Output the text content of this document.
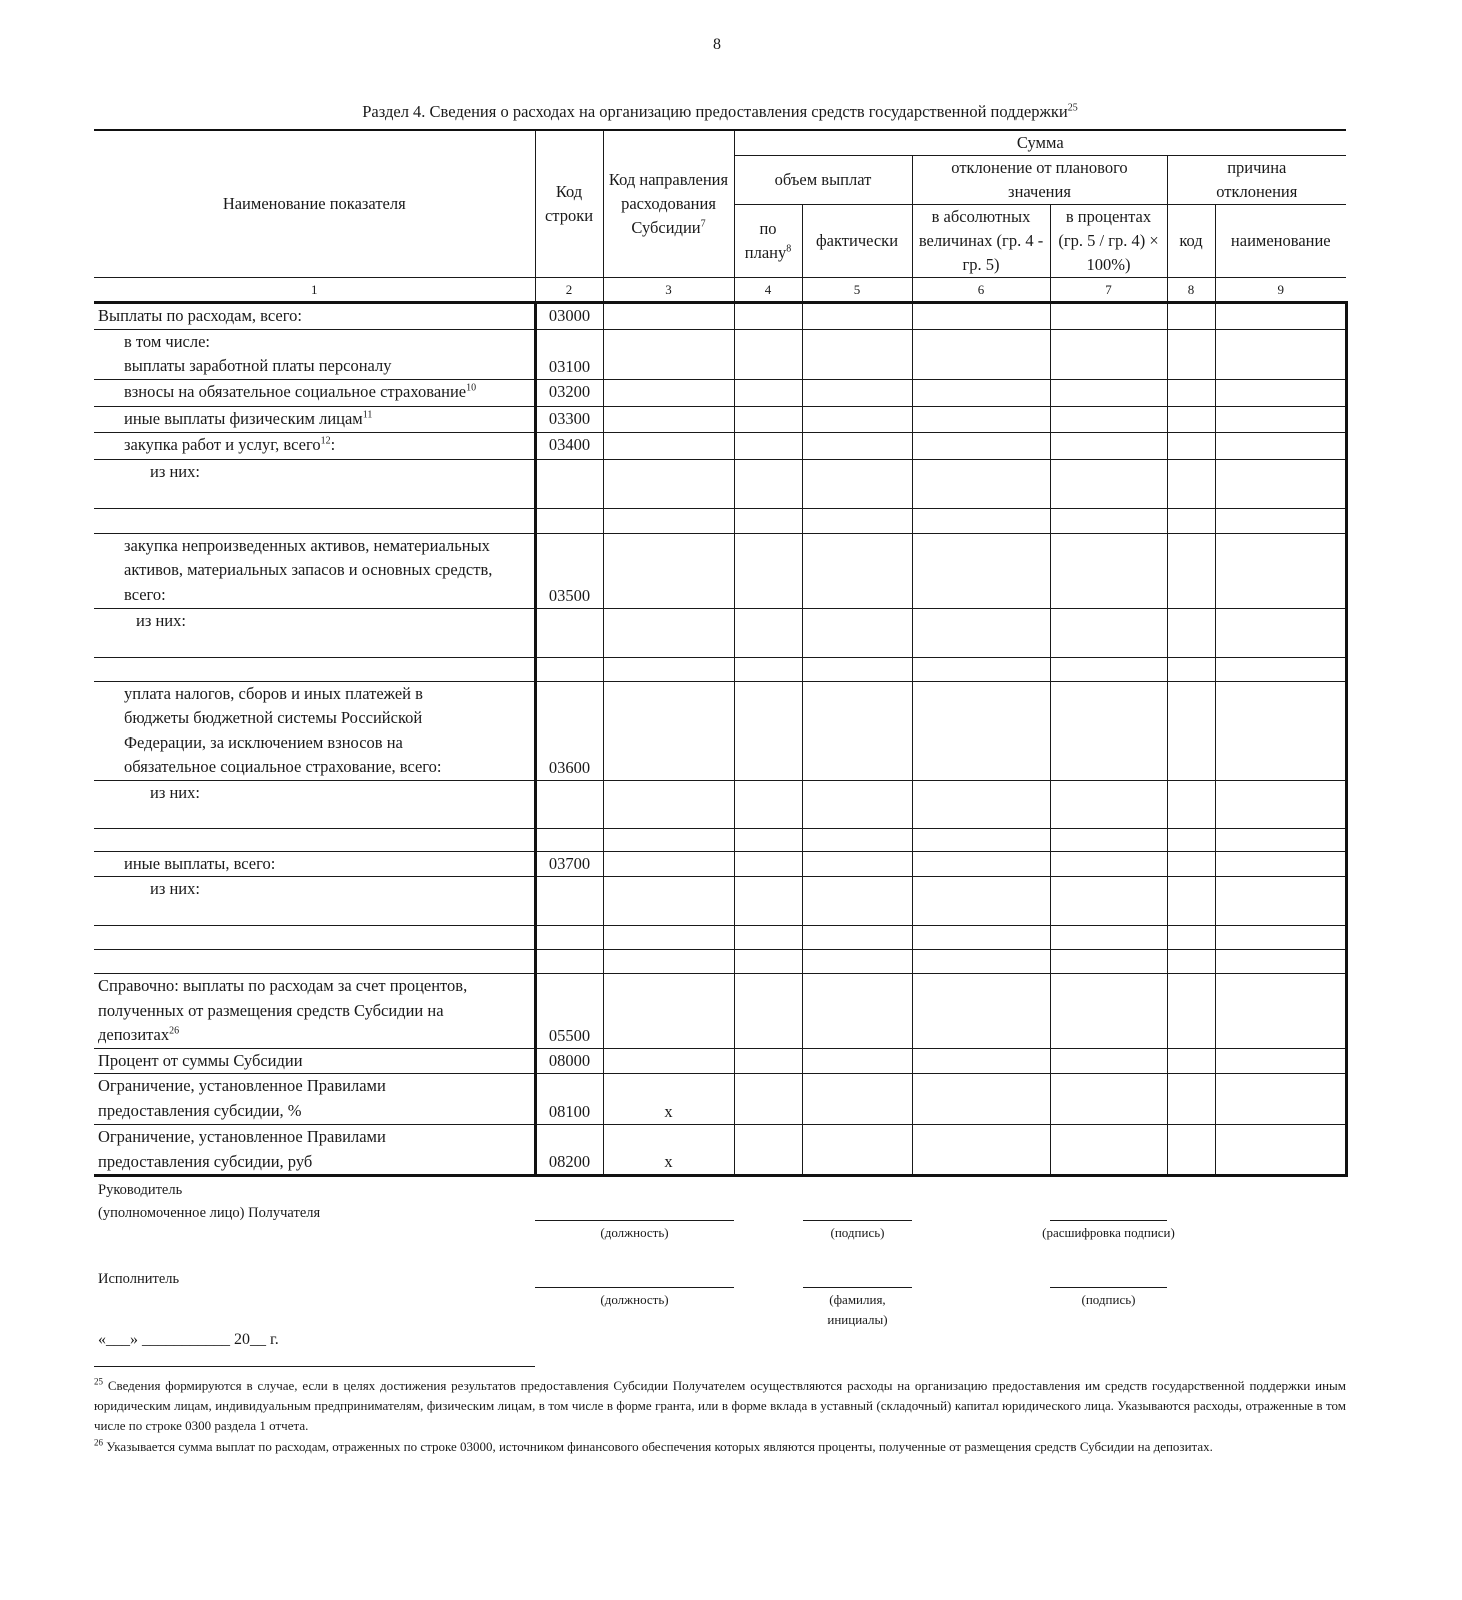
8
Раздел 4. Сведения о расходах на организацию предоставления средств государственной поддержки$^{25}$
Наименование показателя	Код строки	Код направления расходования Субсидии$^7$	Сумма					
			объем выплат		отклонение от планового значения		причина отклонения	
			по плану$^8$	фактически	в абсолютных величинах (гр. 4 - гр. 5)	в процентах (гр. 5 / гр. 4) × 100%)	код	наименование
1	2	3	4	5	6	7	8	9
Выплаты по расходам, всего:	03000							

в том числе:
выплаты заработной платы персоналу	03100							
взносы на обязательное социальное страхование$^{10}$	03200							
иные выплаты физическим лицам$^{11}$	03300							
закупка работ и услуг, всего$^{12}$:	03400							
из них:								

закупка непроизведенных активов, нематериальных активов, материальных запасов и основных средств, всего:	03500							
из них:								

уплата налогов, сборов и иных платежей в бюджеты бюджетной системы Российской Федерации, за исключением взносов на обязательное социальное страхование, всего:	03600							
из них:								

иные выплаты, всего:	03700							
из них:								

Справочно: выплаты по расходам за счет процентов, полученных от размещения средств Субсидии на депозитах$^{26}$	05500							
Процент от суммы Субсидии	08000							
Ограничение, установленное Правилами предоставления субсидии, %	08100	x						
Ограничение, установленное Правилами предоставления субсидии, руб	08200	x						
Руководитель
(уполномоченное лицо) Получателя
(должность)	(подпись)	(расшифровка подписи)
Исполнитель
(должность)	(фамилия, инициалы)
(подпись)
«___» ___________ 20__ г.
$^{25}$ Сведения формируются в случае, если в целях достижения результатов предоставления Субсидии Получателем осуществляются расходы на организацию предоставления им средств государственной поддержки иным юридическим лицам, индивидуальным предпринимателям, физическим лицам, в том числе в форме гранта, или в форме вклада в уставный (складочный) капитал юридического лица. Указываются расходы, отраженные в том числе по строке 0300 раздела 1 отчета.
$^{26}$ Указывается сумма выплат по расходам, отраженных по строке 03000, источником финансового обеспечения которых являются проценты, полученные от размещения средств Субсидии на депозитах.
